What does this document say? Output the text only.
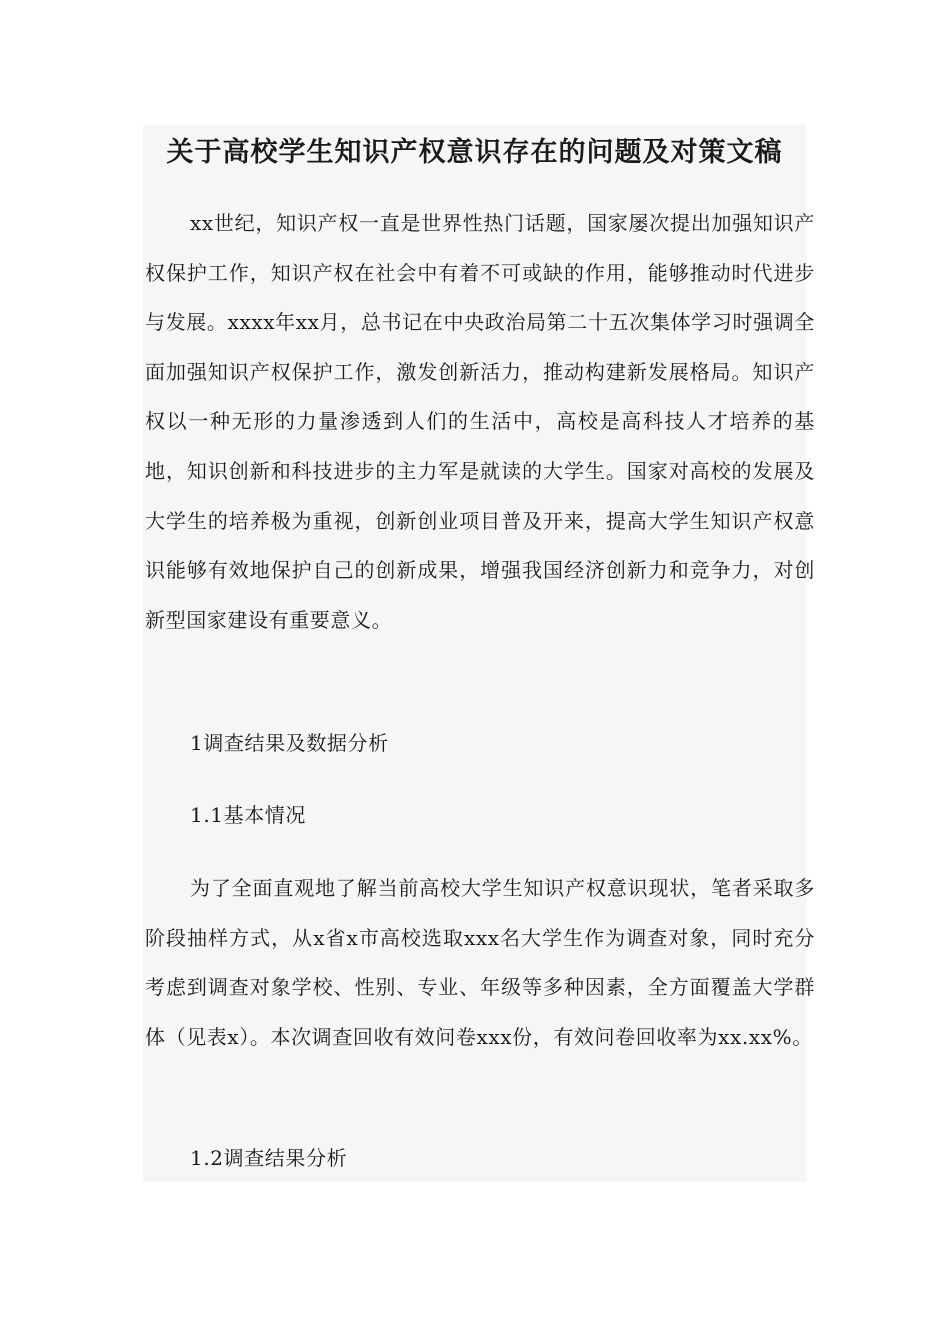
关于高校学生知识产权意识存在的问题及对策文稿

xx世纪，知识产权一直是世界性热门话题，国家屡次提出加强知识产权保护工作，知识产权在社会中有着不可或缺的作用，能够推动时代进步与发展。xxxx年xx月，总书记在中央政治局第二十五次集体学习时强调全面加强知识产权保护工作，激发创新活力，推动构建新发展格局。知识产权以一种无形的力量渗透到人们的生活中，高校是高科技人才培养的基地，知识创新和科技进步的主力军是就读的大学生。国家对高校的发展及大学生的培养极为重视，创新创业项目普及开来，提高大学生知识产权意识能够有效地保护自己的创新成果，增强我国经济创新力和竞争力，对创新型国家建设有重要意义。

1调查结果及数据分析
1.1基本情况

为了全面直观地了解当前高校大学生知识产权意识现状，笔者采取多阶段抽样方式，从x省x市高校选取xxx名大学生作为调查对象，同时充分考虑到调查对象学校、性别、专业、年级等多种因素，全方面覆盖大学群体（见表x）。本次调查回收有效问卷xxx份，有效问卷回收率为xx.xx%。

1.2调查结果分析
